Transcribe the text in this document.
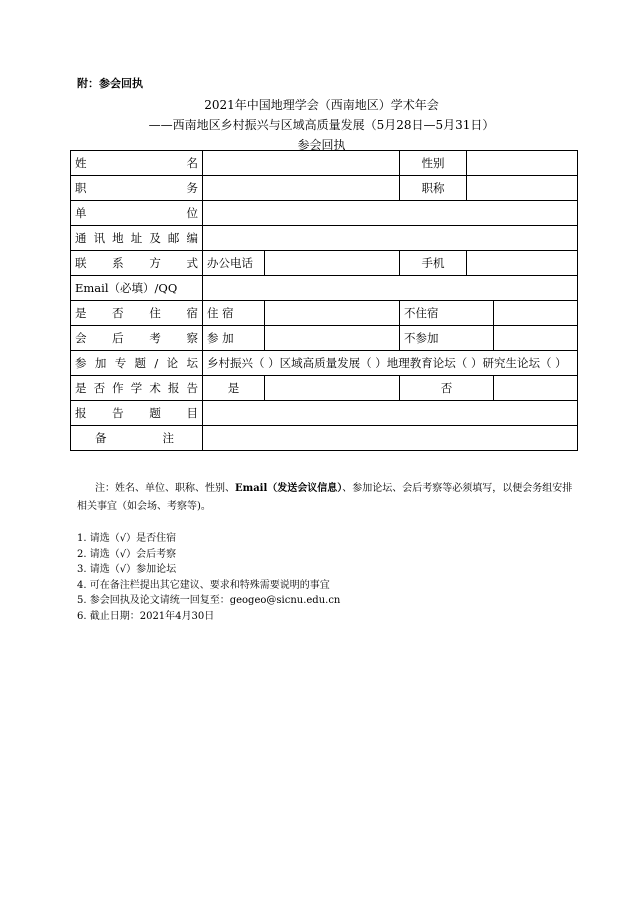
附：参会回执
2021年中国地理学会（西南地区）学术年会
——西南地区乡村振兴与区域高质量发展（5月28日—5月31日）
参会回执
姓名			性别		
职务			职称		
单位					
通讯地址及邮编					
联系方式	办公电话		手机		
Email（必填）/QQ					
是否住宿	住 宿		不住宿		
会后考察	参 加		不参加		
参加专题/论坛	乡村振兴（ ）区域高质量发展（ ）地理教育论坛（ ）研究生论坛（ ）				
是否作学术报告	是		否		
报告题目					
备注					
注：姓名、单位、职称、性别、Email（发送会议信息）、参加论坛、会后考察等必须填写，以便会务组安排相关事宜（如会场、考察等)。
1. 请选（√）是否住宿
2. 请选（√）会后考察
3. 请选（√）参加论坛
4. 可在备注栏提出其它建议、要求和特殊需要说明的事宜
5. 参会回执及论文请统一回复至：geogeo@sicnu.edu.cn
6. 截止日期：2021年4月30日
